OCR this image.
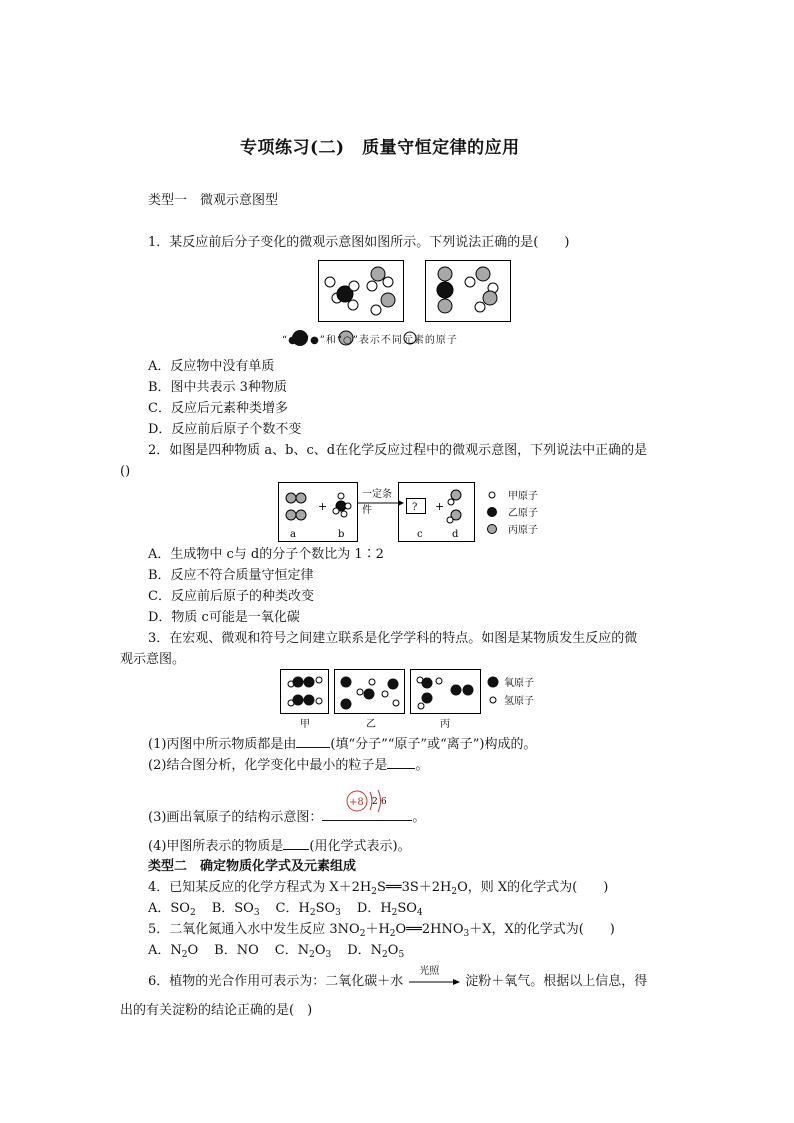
专项练习(二)　质量守恒定律的应用
类型一　微观示意图型
1．某反应前后分子变化的微观示意图如图所示。下列说法正确的是(　　)
“●”“●”和“○”表示不同元素的原子
A．反应物中没有单质
B．图中共表示 3种物质
C．反应后元素种类增多
D．反应前后原子个数不变
2．如图是四种物质 a、b、c、d在化学反应过程中的微观示意图，下列说法中正确的是
()
+
a	b
一定条
件	? +
c	d
甲原子
乙原子
丙原子
A．生成物中 c与 d的分子个数比为 1∶2
B．反应不符合质量守恒定律
C．反应前后原子的种类改变
D．物质 c可能是一氧化碳
3．在宏观、微观和符号之间建立联系是化学学科的特点。如图是某物质发生反应的微
观示意图。
甲	乙	丙
氧原子
氢原子
(1)丙图中所示物质都是由	(填“分子”“原子”或“离子”)构成的。
(2)结合图分析，化学变化中最小的粒子是 。
(3)画出氧原子的结构示意图：	。
+8 2 6
(4)甲图所表示的物质是 (用化学式表示)。
类型二　确定物质化学式及元素组成
4．已知某反应的化学方程式为 $X+2H_2S══3S+2H_2O$，则 X的化学式为(　　)
A．$SO_2$ B．$SO_3$ C．$H_2SO_3$ D．$H_2SO_4$
5．二氧化氮通入水中发生反应 $3NO_2+H_2O══2HNO_3+X$，X的化学式为(　　)
A．$N_2O$ B．NO C．$N_2O_3$ D．$N_2O_5$
6．植物的光合作用可表示为：二氧化碳＋水
光照
淀粉＋氧气。根据以上信息，得
出的有关淀粉的结论正确的是(　)
